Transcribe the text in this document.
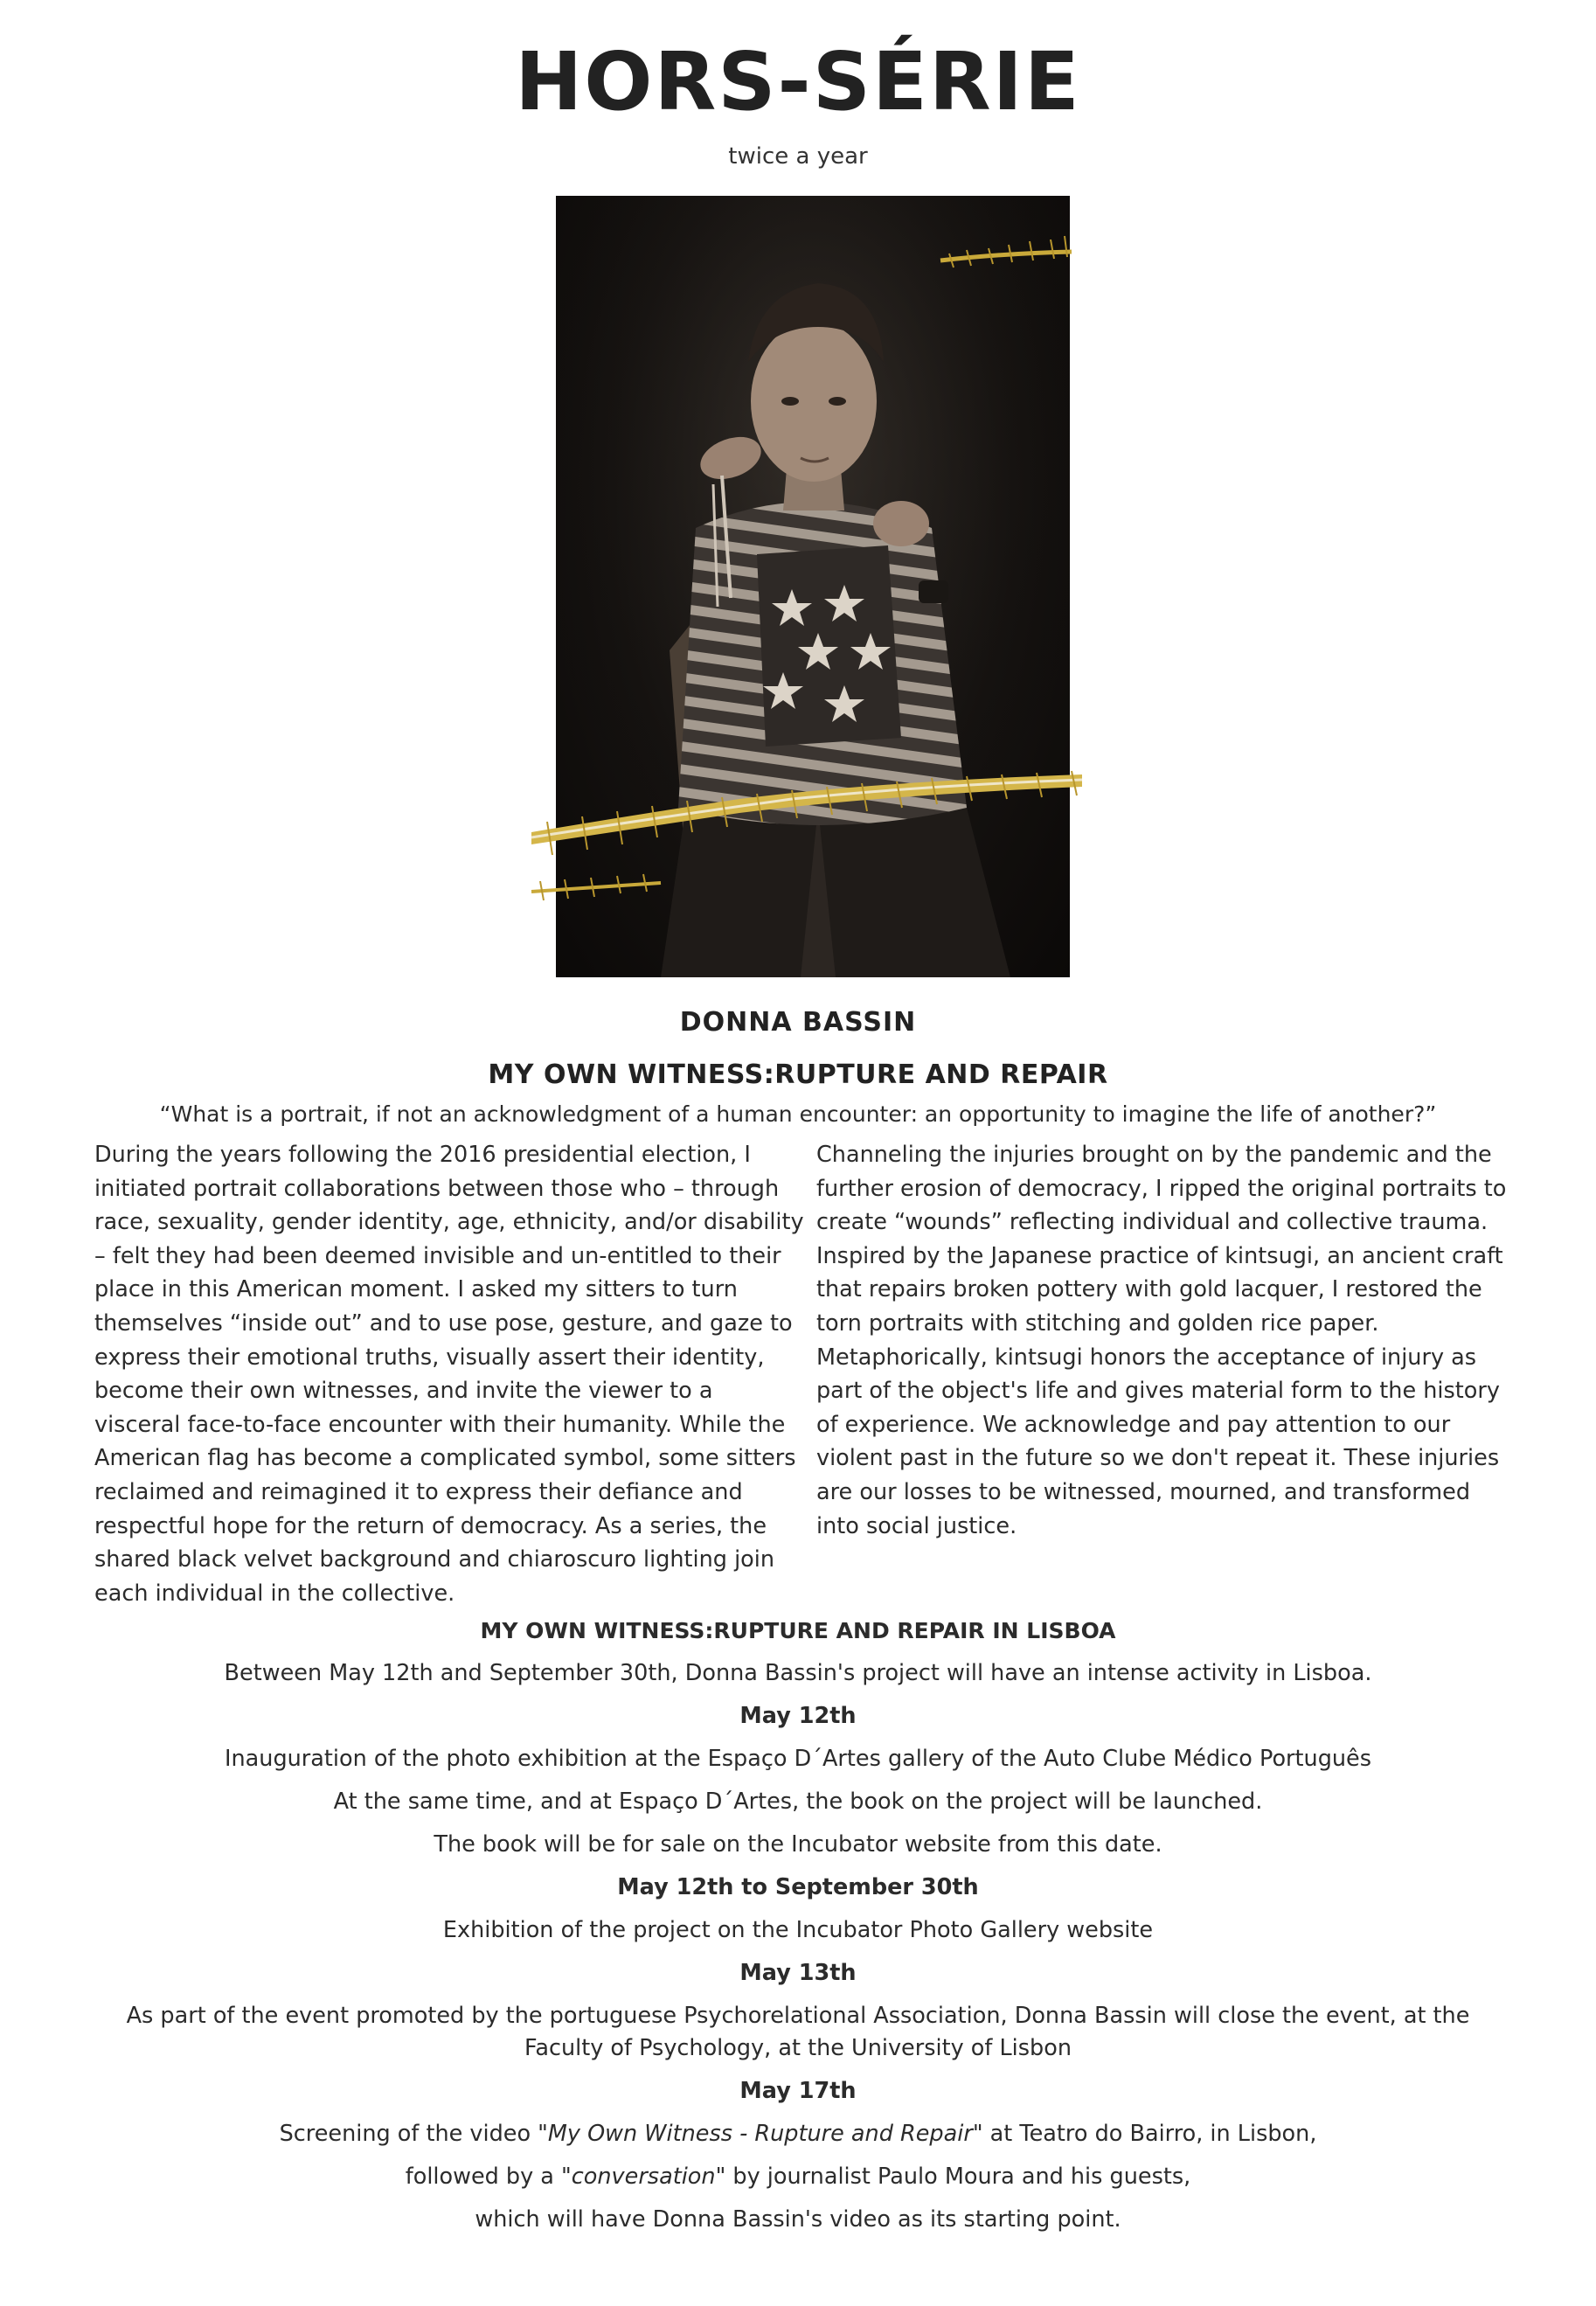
HORS-SÉRIE
twice a year
DONNA BASSIN
MY OWN WITNESS:RUPTURE AND REPAIR
“What is a portrait, if not an acknowledgment of a human encounter: an opportunity to imagine the life of another?”
During the years following the 2016 presidential election, I initiated portrait collaborations between those who – through race, sexuality, gender identity, age, ethnicity, and/or disability – felt they had been deemed invisible and un-entitled to their place in this American moment. I asked my sitters to turn themselves “inside out” and to use pose, gesture, and gaze to express their emotional truths, visually assert their identity, become their own witnesses, and invite the viewer to a visceral face-to-face encounter with their humanity. While the American flag has become a complicated symbol, some sitters reclaimed and reimagined it to express their defiance and respectful hope for the return of democracy. As a series, the shared black velvet background and chiaroscuro lighting join each individual in the collective.
Channeling the injuries brought on by the pandemic and the further erosion of democracy, I ripped the original portraits to create “wounds” reflecting individual and collective trauma. Inspired by the Japanese practice of kintsugi, an ancient craft that repairs broken pottery with gold lacquer, I restored the torn portraits with stitching and golden rice paper. Metaphorically, kintsugi honors the acceptance of injury as part of the object's life and gives material form to the history of experience. We acknowledge and pay attention to our violent past in the future so we don't repeat it. These injuries are our losses to be witnessed, mourned, and transformed into social justice.
MY OWN WITNESS:RUPTURE AND REPAIR IN LISBOA

Between May 12th and September 30th, Donna Bassin's project will have an intense activity in Lisboa.

May 12th

Inauguration of the photo exhibition at the Espaço D´Artes gallery of the Auto Clube Médico Português

At the same time, and at Espaço D´Artes, the book on the project will be launched.

The book will be for sale on the Incubator website from this date.

May 12th to September 30th

Exhibition of the project on the Incubator Photo Gallery website

May 13th

As part of the event promoted by the portuguese Psychorelational Association, Donna Bassin will close the event, at the Faculty of Psychology, at the University of Lisbon

May 17th

Screening of the video "My Own Witness - Rupture and Repair" at Teatro do Bairro, in Lisbon,

followed by a "conversation" by journalist Paulo Moura and his guests,

which will have Donna Bassin's video as its starting point.
